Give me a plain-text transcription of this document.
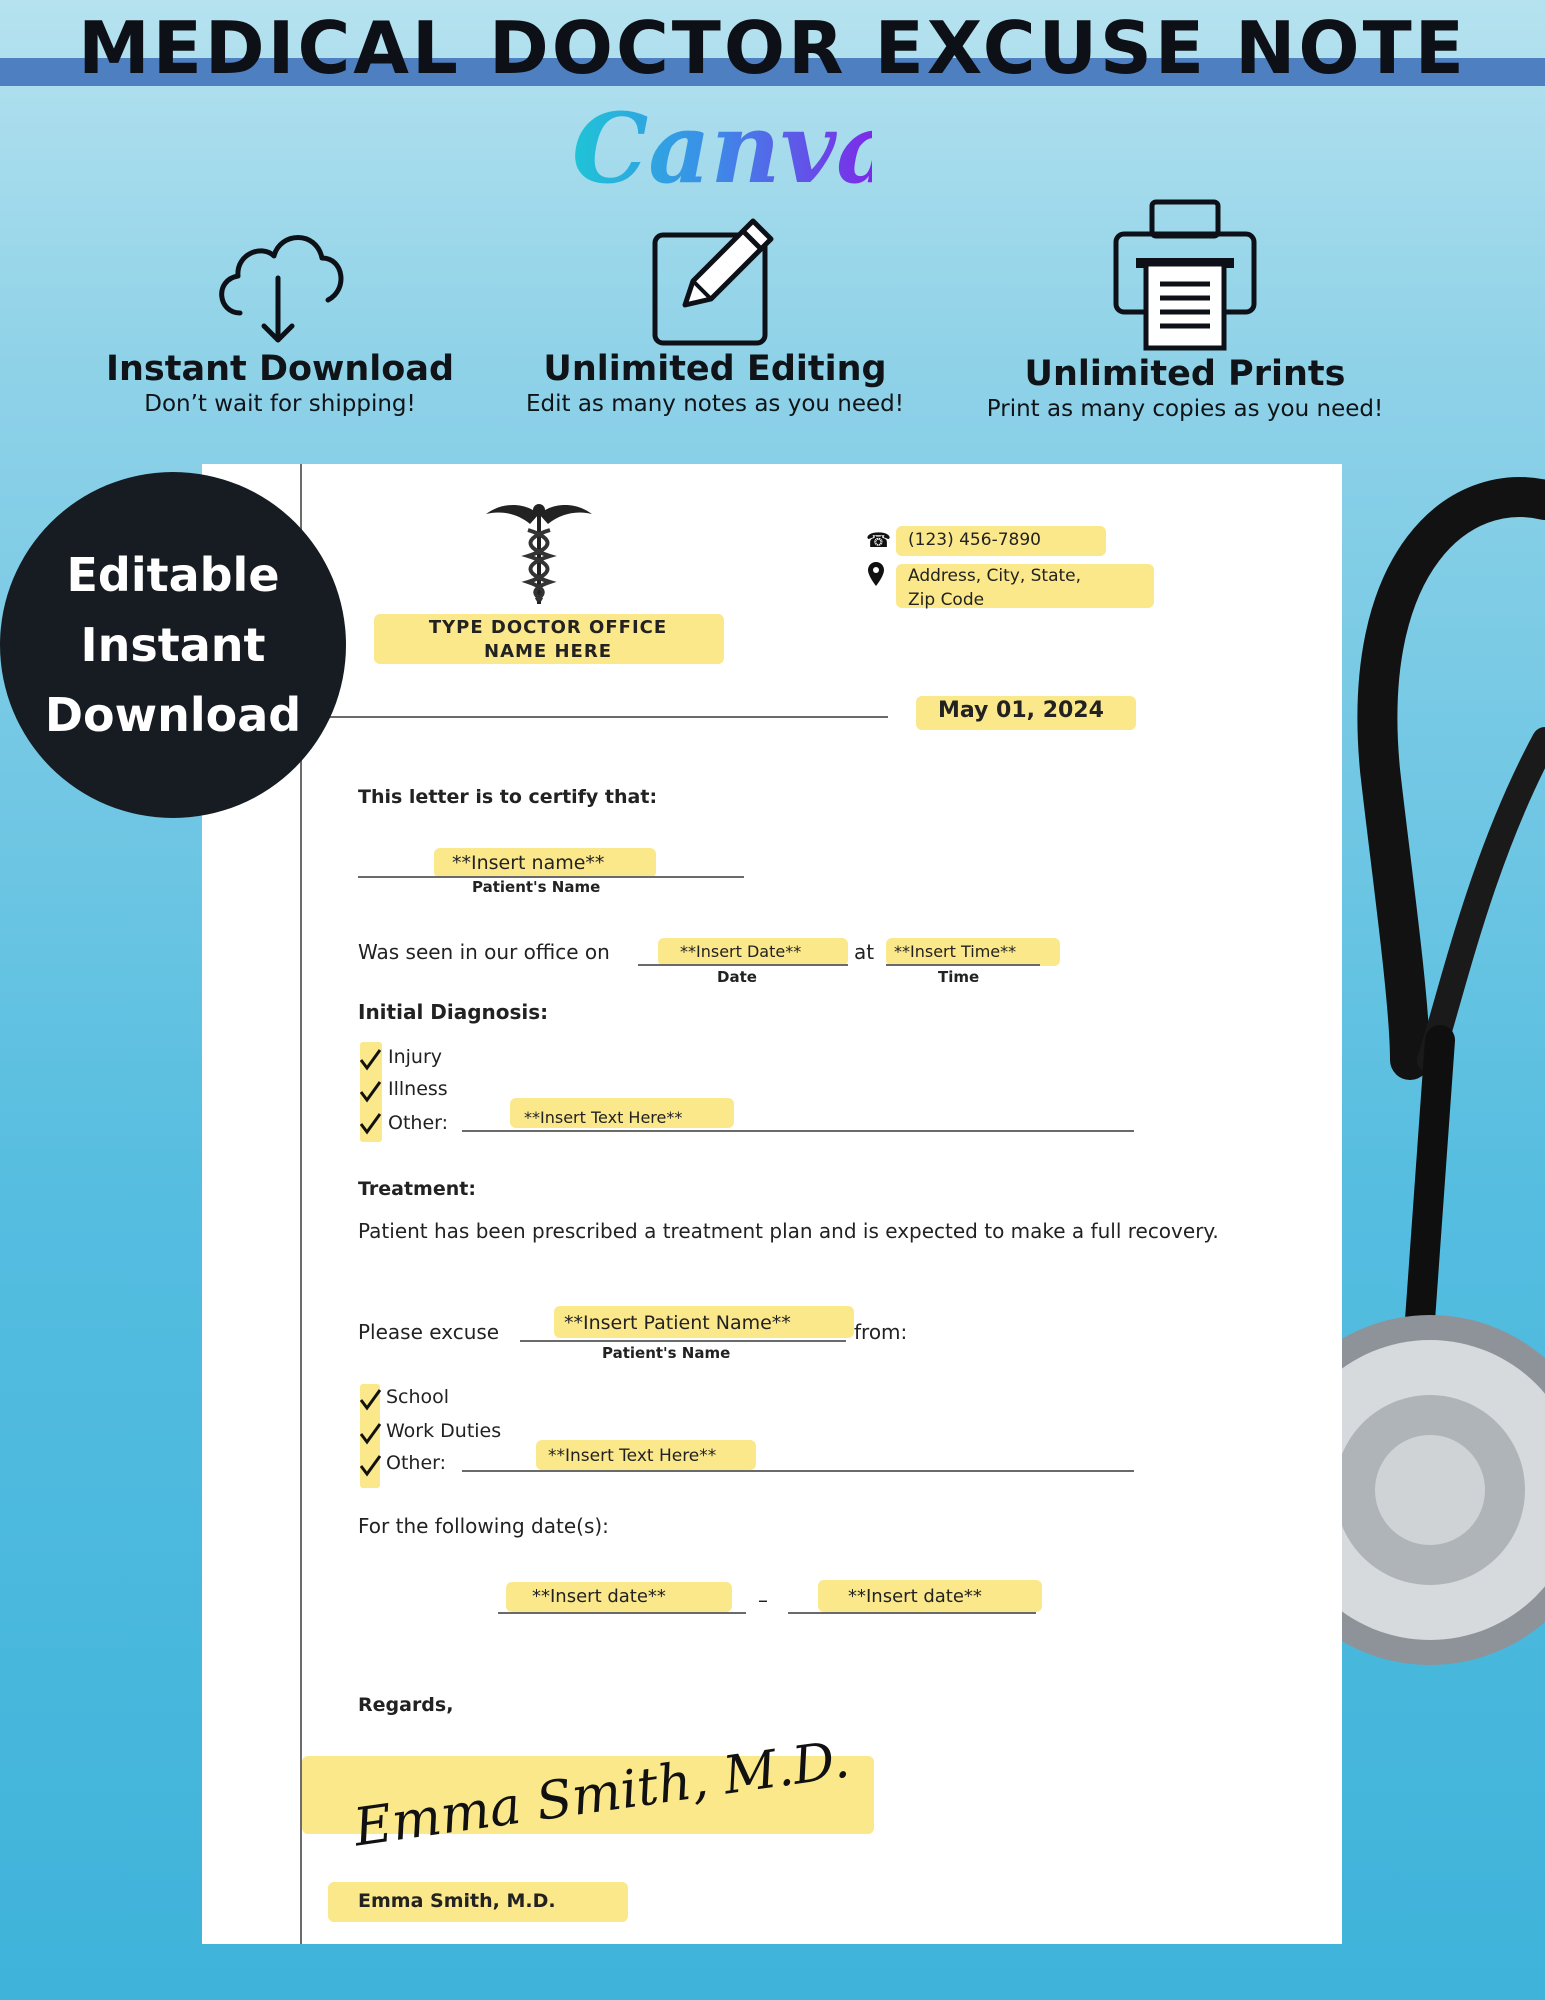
MEDICAL DOCTOR EXCUSE NOTE
Canva
Instant Download
Don’t wait for shipping!
Unlimited Editing
Edit as many notes as you need!
Unlimited Prints
Print as many copies as you need!
TYPE DOCTOR OFFICE
NAME HERE
☎ (123) 456-7890
Address, City, State,
Zip Code
May 01, 2024
This letter is to certify that:
**Insert name**
Patient's Name
Was seen in our office on	**Insert Date**
Date
at **Insert Time**
Time
Initial Diagnosis:
Injury
Illness
Other:	**Insert Text Here**
Treatment:
Patient has been prescribed a treatment plan and is expected to make a full recovery.
Please excuse	**Insert Patient Name**
Patient's Name
from:
School
Work Duties
Other:	**Insert Text Here**
For the following date(s):
**Insert date**	–	**Insert date**
Regards,
Emma Smith, M.D.
Emma Smith, M.D.
Editable
Instant
Download
